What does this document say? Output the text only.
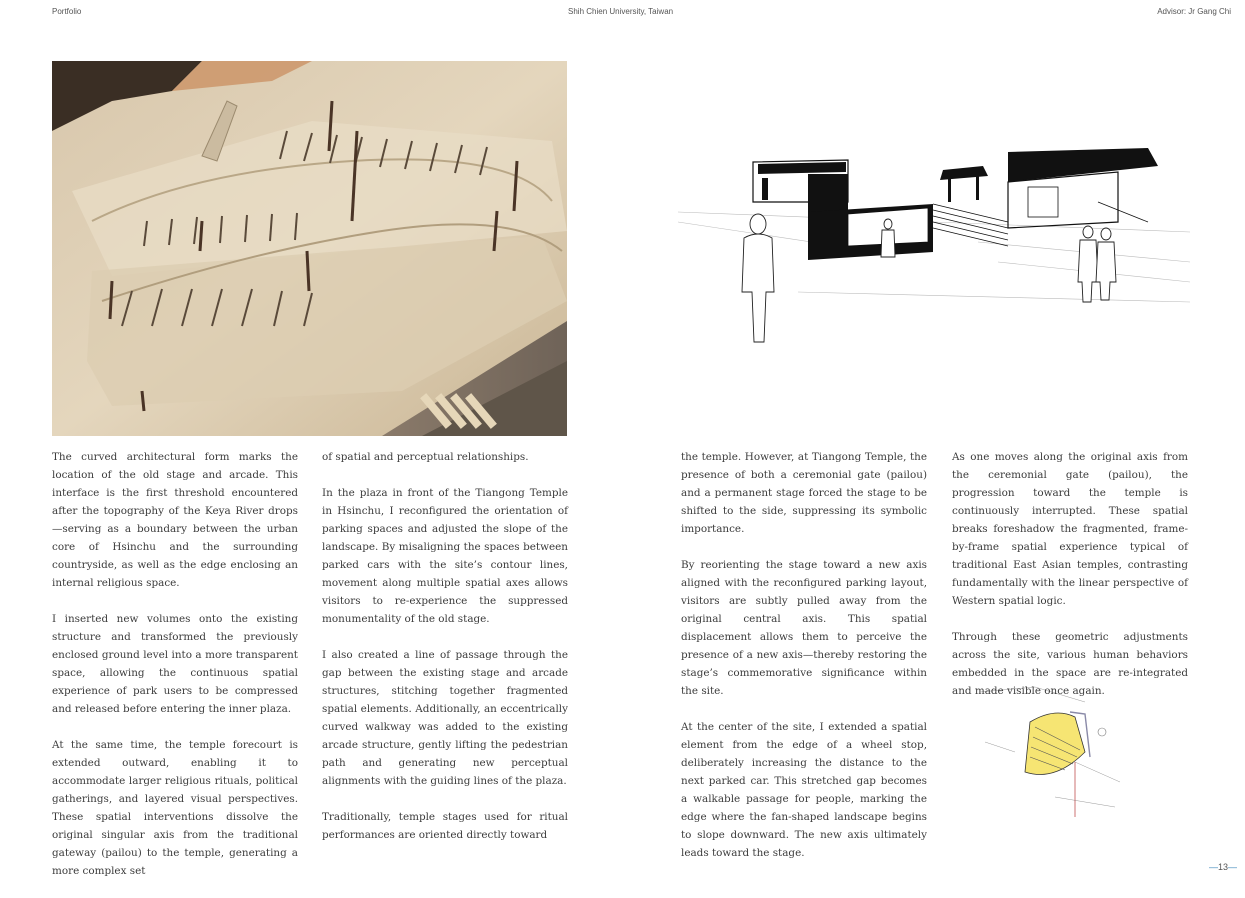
Portfolio	Shih Chien University, Taiwan	Advisor: Jr Gang Chi

The curved architectural form marks the location of the old stage and arcade. This interface is the first threshold encountered after the topography of the Keya River drops—serving as a boundary between the urban core of Hsinchu and the surrounding countryside, as well as the edge enclosing an internal religious space.

I inserted new volumes onto the existing structure and transformed the previously enclosed ground level into a more transparent space, allowing the continuous spatial experience of park users to be compressed and released before entering the inner plaza.

At the same time, the temple forecourt is extended outward, enabling it to accommodate larger religious rituals, political gatherings, and layered visual perspectives. These spatial interventions dissolve the original singular axis from the traditional gateway (pailou) to the temple, generating a more complex set

of spatial and perceptual relationships.

In the plaza in front of the Tiangong Temple in Hsinchu, I reconfigured the orientation of parking spaces and adjusted the slope of the landscape. By misaligning the spaces between parked cars with the site’s contour lines, movement along multiple spatial axes allows visitors to re-experience the suppressed monumentality of the old stage.

I also created a line of passage through the gap between the existing stage and arcade structures, stitching together fragmented spatial elements. Additionally, an eccentrically curved walkway was added to the existing arcade structure, gently lifting the pedestrian path and generating new perceptual alignments with the guiding lines of the plaza.

Traditionally, temple stages used for ritual performances are oriented directly toward

the temple. However, at Tiangong Temple, the presence of both a ceremonial gate (pailou) and a permanent stage forced the stage to be shifted to the side, suppressing its symbolic importance.

By reorienting the stage toward a new axis aligned with the reconfigured parking layout, visitors are subtly pulled away from the original central axis. This spatial displacement allows them to perceive the presence of a new axis—thereby restoring the stage’s commemorative significance within the site.

At the center of the site, I extended a spatial element from the edge of a wheel stop, deliberately increasing the distance to the next parked car. This stretched gap becomes a walkable passage for people, marking the edge where the fan-shaped landscape begins to slope downward. The new axis ultimately leads toward the stage.

As one moves along the original axis from the ceremonial gate (pailou), the progression toward the temple is continuously interrupted. These spatial breaks foreshadow the fragmented, frame-by-frame spatial experience typical of traditional East Asian temples, contrasting fundamentally with the linear perspective of Western spatial logic.

Through these geometric adjustments across the site, various human behaviors embedded in the space are re-integrated and made visible once again.

—13—
